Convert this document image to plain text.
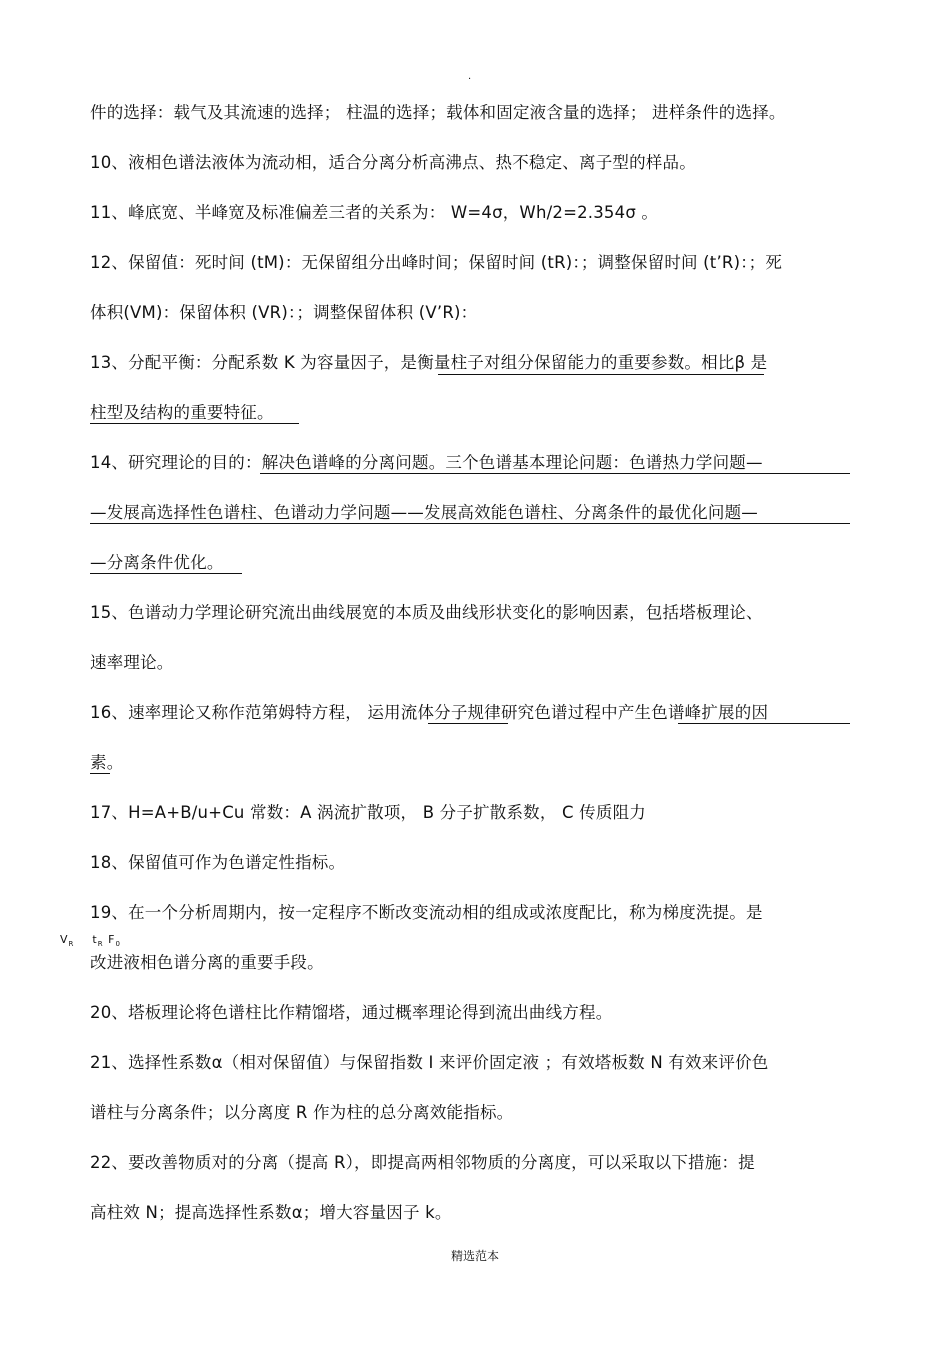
.
件的选择：载气及其流速的选择； 柱温的选择；载体和固定液含量的选择； 进样条件的选择。
10、液相色谱法液体为流动相，适合分离分析高沸点、热不稳定、离子型的样品。
11、峰底宽、半峰宽及标准偏差三者的关系为： W=4σ，Wh/2=2.354σ 。
12、保留值：死时间 (tM)：无保留组分出峰时间；保留时间 (tR)：；调整保留时间 (t’R)：；死
体积(VM)：保留体积 (VR)：；调整保留体积 (V’R)：
13、分配平衡：分配系数 K 为容量因子，是衡量柱子对组分保留能力的重要参数。相比β 是
柱型及结构的重要特征。
14、研究理论的目的：解决色谱峰的分离问题。三个色谱基本理论问题：色谱热力学问题—
—发展高选择性色谱柱、色谱动力学问题——发展高效能色谱柱、分离条件的最优化问题—
—分离条件优化。
15、色谱动力学理论研究流出曲线展宽的本质及曲线形状变化的影响因素，包括塔板理论、
速率理论。
16、速率理论又称作范第姆特方程， 运用流体分子规律研究色谱过程中产生色谱峰扩展的因
素。
17、H=A+B/u+Cu 常数：A 涡流扩散项， B 分子扩散系数， C 传质阻力
18、保留值可作为色谱定性指标。
19、在一个分析周期内，按一定程序不断改变流动相的组成或浓度配比，称为梯度洗提。是
改进液相色谱分离的重要手段。
20、塔板理论将色谱柱比作精馏塔，通过概率理论得到流出曲线方程。
21、选择性系数α（相对保留值）与保留指数 I 来评价固定液 ；有效塔板数 N 有效来评价色
谱柱与分离条件；以分离度 R 作为柱的总分离效能指标。
22、要改善物质对的分离（提高 R），即提高两相邻物质的分离度，可以采取以下措施：提
高柱效 N；提高选择性系数α；增大容量因子 k。
$V_R$ $t_R$ $F_0$
精选范本
